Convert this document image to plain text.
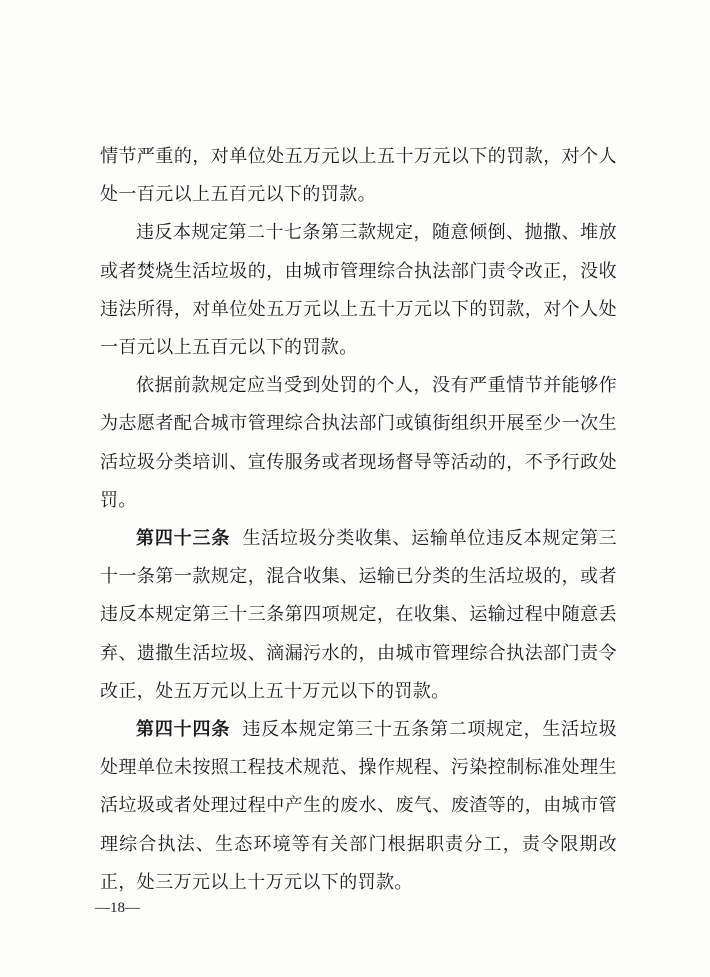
情节严重的，对单位处五万元以上五十万元以下的罚款，对个人处一百元以上五百元以下的罚款。

违反本规定第二十七条第三款规定，随意倾倒、抛撒、堆放或者焚烧生活垃圾的，由城市管理综合执法部门责令改正，没收违法所得，对单位处五万元以上五十万元以下的罚款，对个人处一百元以上五百元以下的罚款。

依据前款规定应当受到处罚的个人，没有严重情节并能够作为志愿者配合城市管理综合执法部门或镇街组织开展至少一次生活垃圾分类培训、宣传服务或者现场督导等活动的，不予行政处罚。

第四十三条 生活垃圾分类收集、运输单位违反本规定第三十一条第一款规定，混合收集、运输已分类的生活垃圾的，或者违反本规定第三十三条第四项规定，在收集、运输过程中随意丢弃、遗撒生活垃圾、滴漏污水的，由城市管理综合执法部门责令改正，处五万元以上五十万元以下的罚款。

第四十四条 违反本规定第三十五条第二项规定，生活垃圾处理单位未按照工程技术规范、操作规程、污染控制标准处理生活垃圾或者处理过程中产生的废水、废气、废渣等的，由城市管理综合执法、生态环境等有关部门根据职责分工，责令限期改正，处三万元以上十万元以下的罚款。

—18—
